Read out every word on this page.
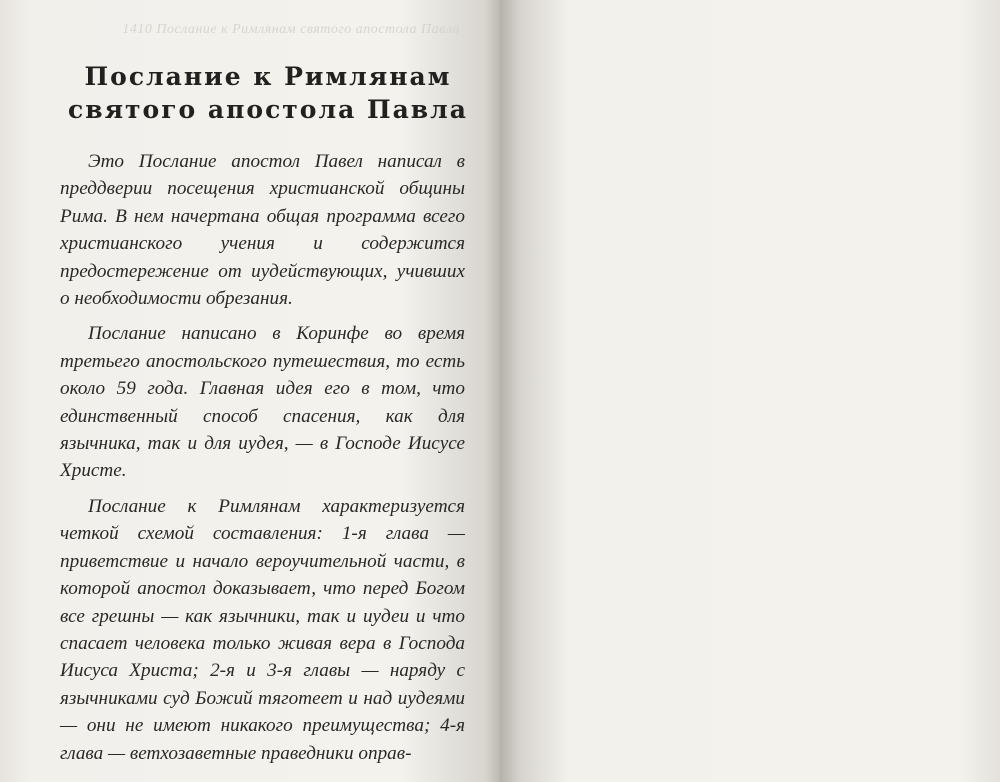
1410 Послание к Римлянам святого апостола Павла
Послание к Римлянам
святого апостола Павла

Это Послание апостол Павел написал в преддверии посещения христианской общины Рима. В нем начертана общая программа всего христианского учения и содержится предостережение от иудействующих, учивших о необходимости обрезания.

Послание написано в Коринфе во время третьего апостольского путешествия, то есть около 59 года. Главная идея его в том, что единственный способ спасения, как для язычника, так и для иудея, — в Господе Иисусе Христе.

Послание к Римлянам характеризуется четкой схемой составления: 1-я глава — приветствие и начало вероучительной части, в которой апостол доказывает, что перед Богом все грешны — как язычники, так и иудеи и что спасает человека только живая вера в Господа Иисуса Христа; 2-я и 3-я главы — наряду с язычниками суд Божий тяготеет и над иудеями — они не имеют никакого преимущества; 4-я глава — ветхозаветные праведники оправ-
